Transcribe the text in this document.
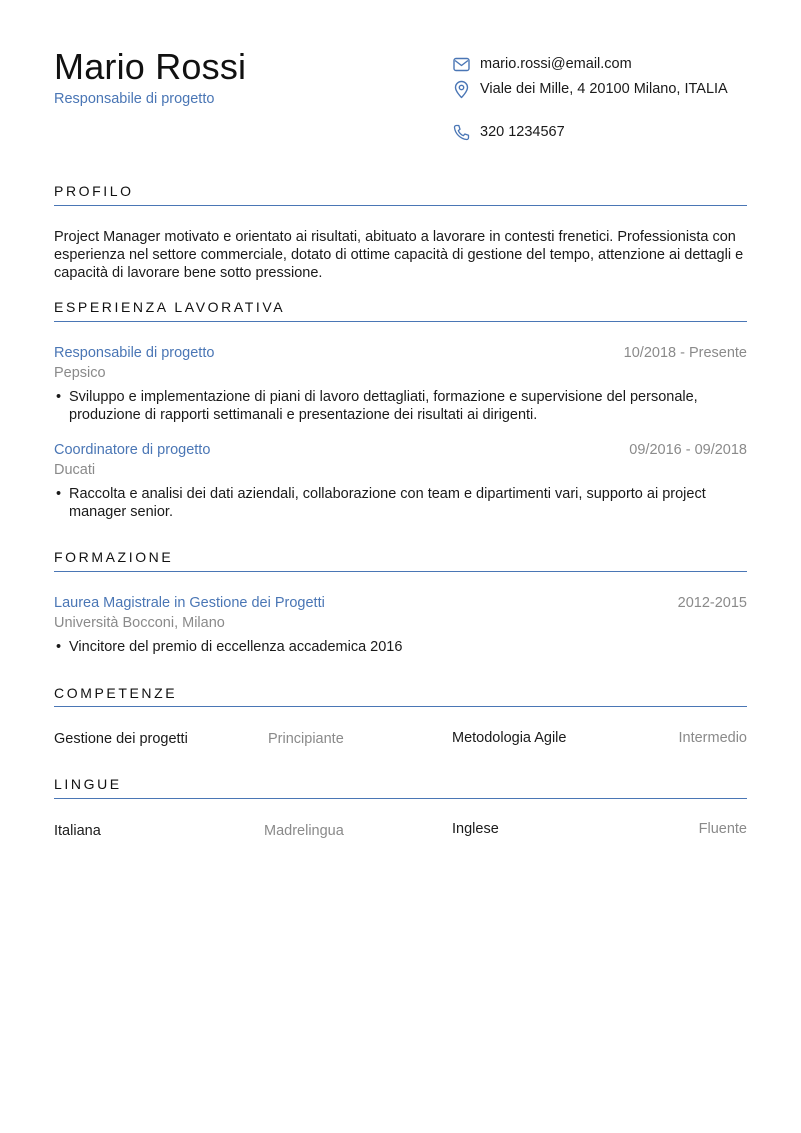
Mario Rossi
Responsabile di progetto
mario.rossi@email.com
Viale dei Mille, 4 20100 Milano, ITALIA
320 1234567
PROFILO
Project Manager motivato e orientato ai risultati, abituato a lavorare in contesti frenetici. Professionista con esperienza nel settore commerciale, dotato di ottime capacità di gestione del tempo, attenzione ai dettagli e capacità di lavorare bene sotto pressione.
ESPERIENZA LAVORATIVA
Responsabile di progetto	10/2018 - Presente
Pepsico
• Sviluppo e implementazione di piani di lavoro dettagliati, formazione e supervisione del personale, produzione di rapporti settimanali e presentazione dei risultati ai dirigenti.
Coordinatore di progetto	09/2016 - 09/2018
Ducati
• Raccolta e analisi dei dati aziendali, collaborazione con team e dipartimenti vari, supporto ai project manager senior.
FORMAZIONE
Laurea Magistrale in Gestione dei Progetti	2012-2015
Università Bocconi, Milano
• Vincitore del premio di eccellenza accademica 2016
COMPETENZE
Gestione dei progetti	Principiante	Metodologia Agile	Intermedio
LINGUE
Italiana	Madrelingua	Inglese	Fluente
